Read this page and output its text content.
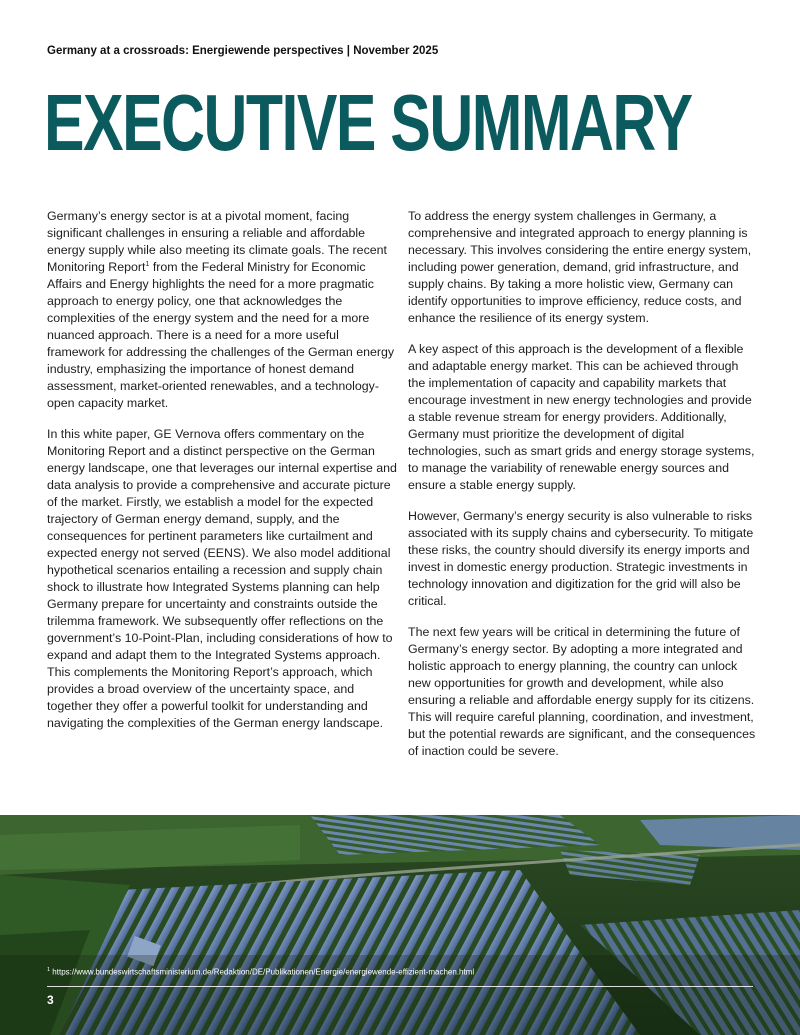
Germany at a crossroads: Energiewende perspectives | November 2025
EXECUTIVE SUMMARY

Germany’s energy sector is at a pivotal moment, facing significant challenges in ensuring a reliable and affordable energy supply while also meeting its climate goals. The recent Monitoring Report$^1$ from the Federal Ministry for Economic Affairs and Energy highlights the need for a more pragmatic approach to energy policy, one that acknowledges the complexities of the energy system and the need for a more nuanced approach. There is a need for a more useful framework for addressing the challenges of the German energy industry, emphasizing the importance of honest demand assessment, market-oriented renewables, and a technology-open capacity market.

In this white paper, GE Vernova offers commentary on the Monitoring Report and a distinct perspective on the German energy landscape, one that leverages our internal expertise and data analysis to provide a comprehensive and accurate picture of the market. Firstly, we establish a model for the expected trajectory of German energy demand, supply, and the consequences for pertinent parameters like curtailment and expected energy not served (EENS). We also model additional hypothetical scenarios entailing a recession and supply chain shock to illustrate how Integrated Systems planning can help Germany prepare for uncertainty and constraints outside the trilemma framework. We subsequently offer reflections on the government’s 10-Point-Plan, including considerations of how to expand and adapt them to the Integrated Systems approach. This complements the Monitoring Report’s approach, which provides a broad overview of the uncertainty space, and together they offer a powerful toolkit for understanding and navigating the complexities of the German energy landscape.

To address the energy system challenges in Germany, a comprehensive and integrated approach to energy planning is necessary. This involves considering the entire energy system, including power generation, demand, grid infrastructure, and supply chains. By taking a more holistic view, Germany can identify opportunities to improve efficiency, reduce costs, and enhance the resilience of its energy system.

A key aspect of this approach is the development of a flexible and adaptable energy market. This can be achieved through the implementation of capacity and capability markets that encourage investment in new energy technologies and provide a stable revenue stream for energy providers. Additionally, Germany must prioritize the development of digital technologies, such as smart grids and energy storage systems, to manage the variability of renewable energy sources and ensure a stable energy supply.

However, Germany’s energy security is also vulnerable to risks associated with its supply chains and cybersecurity. To mitigate these risks, the country should diversify its energy imports and invest in domestic energy production. Strategic investments in technology innovation and digitization for the grid will also be critical.

The next few years will be critical in determining the future of Germany’s energy sector. By adopting a more integrated and holistic approach to energy planning, the country can unlock new opportunities for growth and development, while also ensuring a reliable and affordable energy supply for its citizens. This will require careful planning, coordination, and investment, but the potential rewards are significant, and the consequences of inaction could be severe.

$^1$ https://www.bundeswirtschaftsministerium.de/Redaktion/DE/Publikationen/Energie/energiewende-effizient-machen.html
3
